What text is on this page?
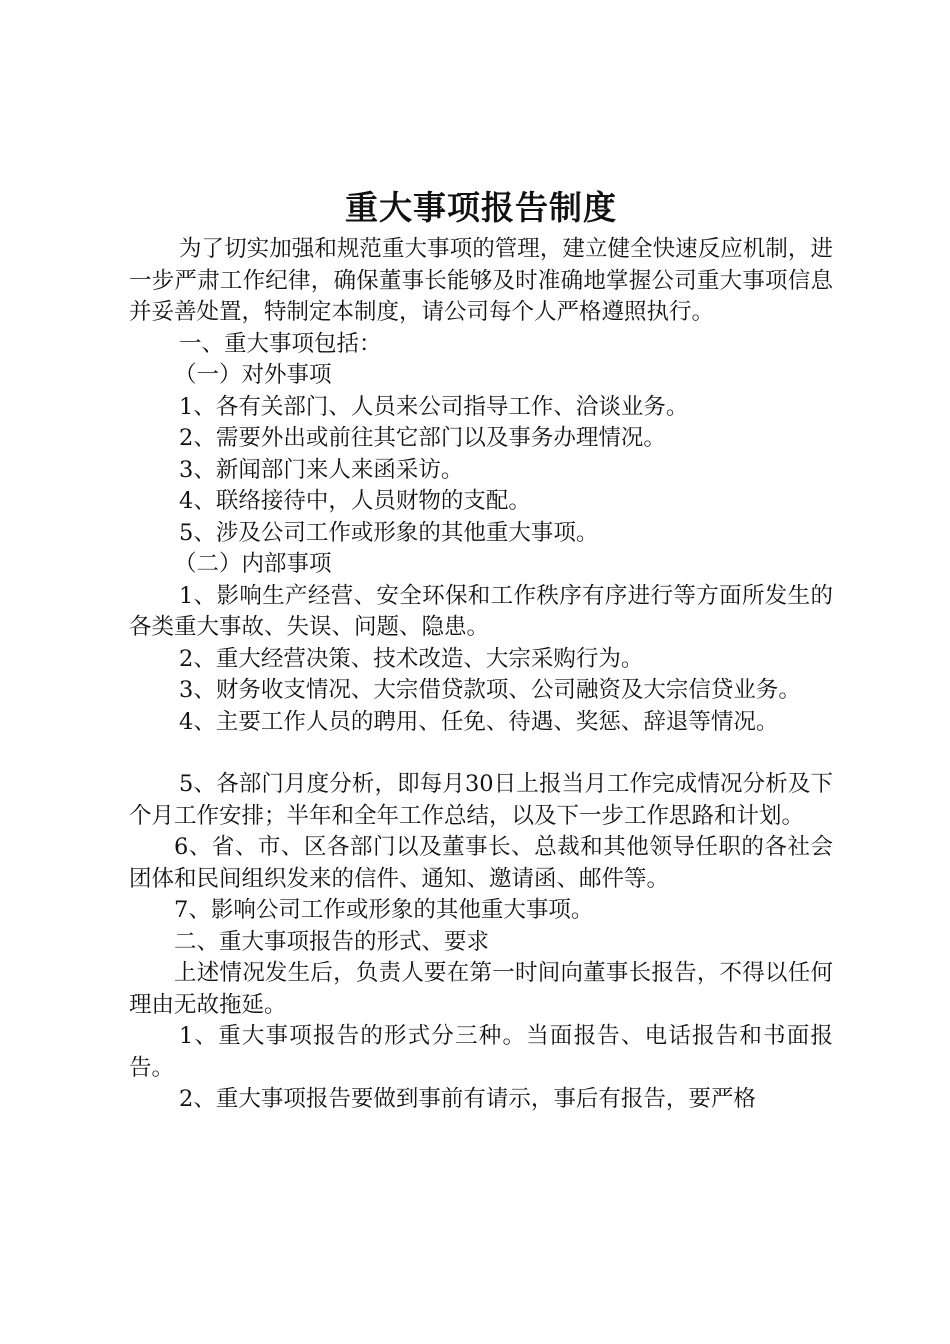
重大事项报告制度

为了切实加强和规范重大事项的管理，建立健全快速反应机制，进一步严肃工作纪律，确保董事长能够及时准确地掌握公司重大事项信息并妥善处置，特制定本制度，请公司每个人严格遵照执行。

一、重大事项包括：

（一）对外事项

1、各有关部门、人员来公司指导工作、洽谈业务。

2、需要外出或前往其它部门以及事务办理情况。

3、新闻部门来人来函采访。

4、联络接待中，人员财物的支配。

5、涉及公司工作或形象的其他重大事项。

（二）内部事项

1、影响生产经营、安全环保和工作秩序有序进行等方面所发生的各类重大事故、失误、问题、隐患。

2、重大经营决策、技术改造、大宗采购行为。

3、财务收支情况、大宗借贷款项、公司融资及大宗信贷业务。

4、主要工作人员的聘用、任免、待遇、奖惩、辞退等情况。

5、各部门月度分析，即每月30日上报当月工作完成情况分析及下个月工作安排；半年和全年工作总结，以及下一步工作思路和计划。

6、省、市、区各部门以及董事长、总裁和其他领导任职的各社会团体和民间组织发来的信件、通知、邀请函、邮件等。

7、影响公司工作或形象的其他重大事项。

二、重大事项报告的形式、要求

上述情况发生后，负责人要在第一时间向董事长报告，不得以任何理由无故拖延。

1、重大事项报告的形式分三种。当面报告、电话报告和书面报告。

2、重大事项报告要做到事前有请示，事后有报告，要严格
